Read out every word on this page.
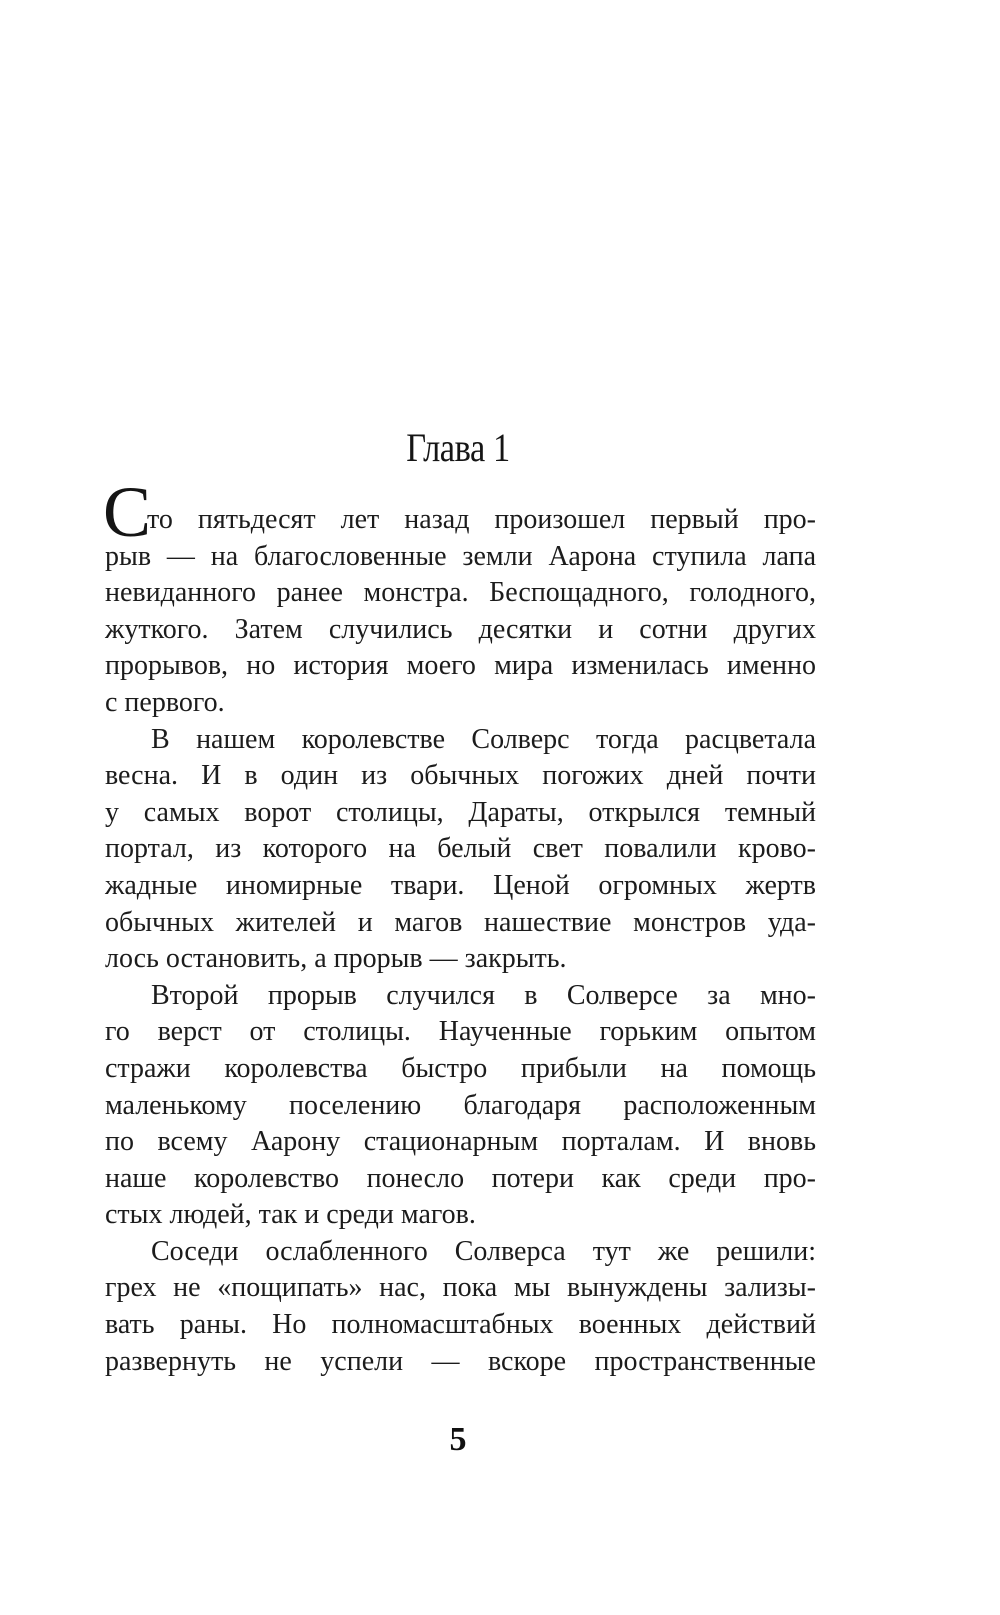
Глава 1
С
то пятьдесят лет назад произошел первый про-
рыв — на благословенные земли Аарона ступила лапа
невиданного ранее монстра. Беспощадного, голодного,
жуткого. Затем случились десятки и сотни других
прорывов, но история моего мира изменилась именно
с первого.
В нашем королевстве Солверс тогда расцветала
весна. И в один из обычных погожих дней почти
у самых ворот столицы, Дараты, открылся темный
портал, из которого на белый свет повалили крово-
жадные иномирные твари. Ценой огромных жертв
обычных жителей и магов нашествие монстров уда-
лось остановить, а прорыв — закрыть.
Второй прорыв случился в Солверсе за мно-
го верст от столицы. Наученные горьким опытом
стражи королевства быстро прибыли на помощь
маленькому поселению благодаря расположенным
по всему Аарону стационарным порталам. И вновь
наше королевство понесло потери как среди про-
стых людей, так и среди магов.
Соседи ослабленного Солверса тут же решили:
грех не «пощипать» нас, пока мы вынуждены зализы-
вать раны. Но полномасштабных военных действий
развернуть не успели — вскоре пространственные
5
